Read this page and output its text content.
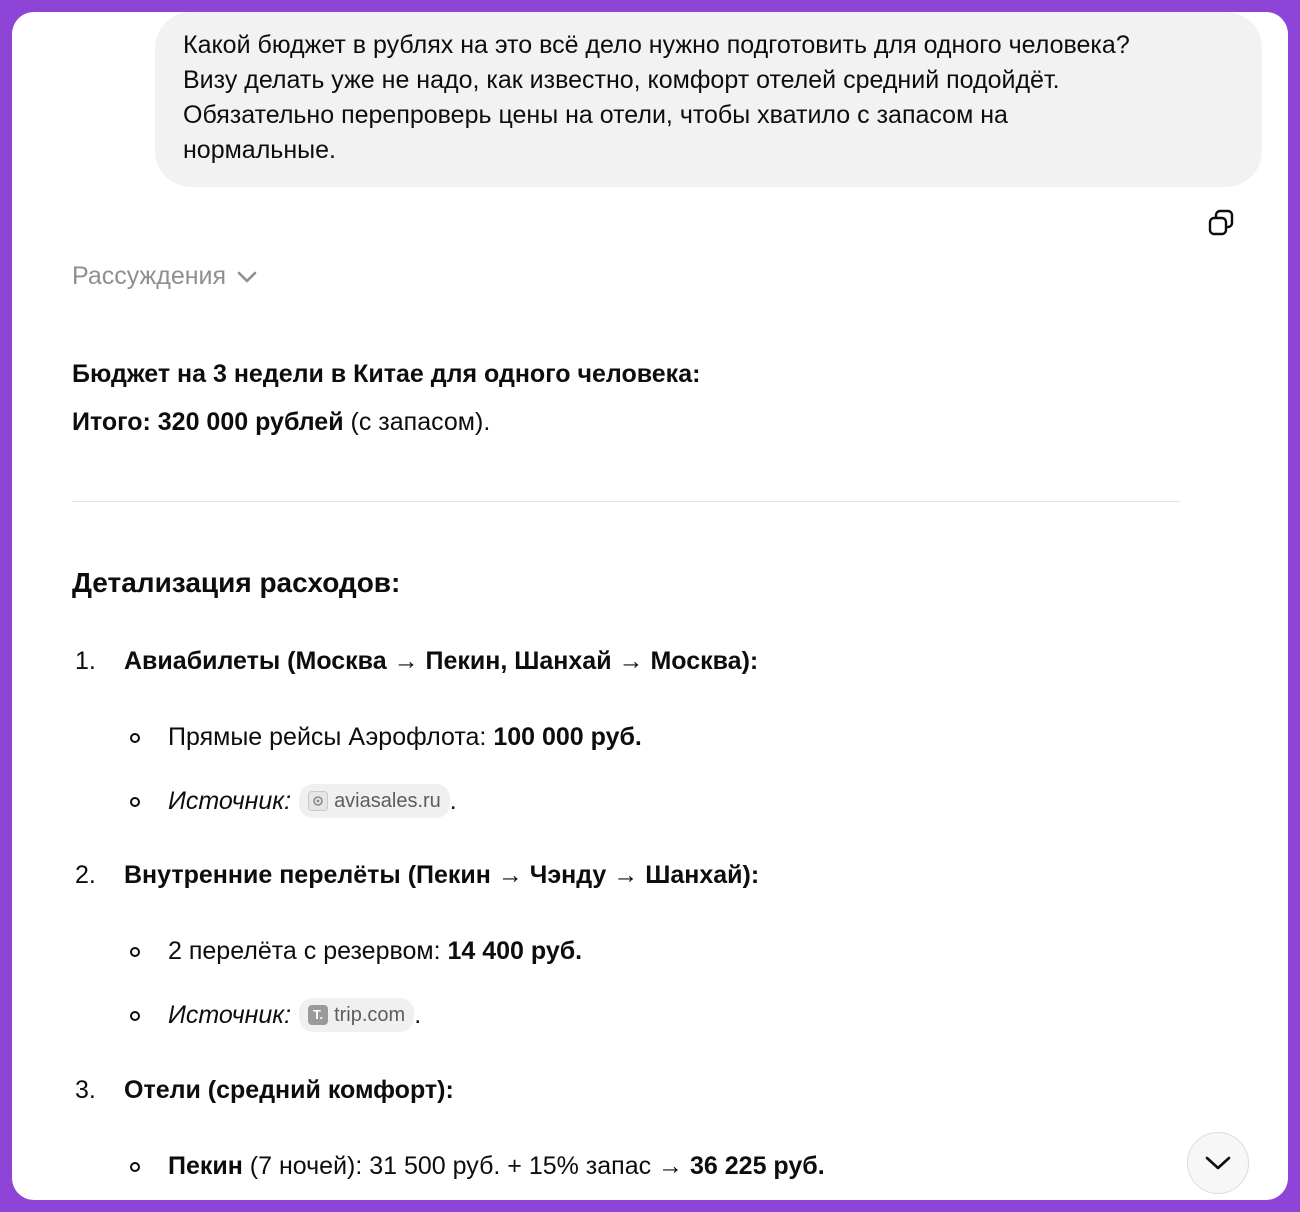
Какой бюджет в рублях на это всё дело нужно подготовить для одного человека?

Визу делать уже не надо, как известно, комфорт отелей средний подойдёт.

Обязательно перепроверь цены на отели, чтобы хватило с запасом на

нормальные.

Рассуждения

Бюджет на 3 недели в Китае для одного человека:

Итого: 320 000 рублей (с запасом).

Детализация расходов:
1.	Авиабилеты (Москва → Пекин, Шанхай → Москва):
Прямые рейсы Аэрофлота:
100 000 руб.
Источник: aviasales.ru .
2.	Внутренние перелёты (Пекин → Чэнду → Шанхай):
2 перелёта с резервом:
14 400 руб.
Источник:	T. trip.com .
3.	Отели (средний комфорт):
Пекин (7 ночей): 31 500 руб. + 15% запас → 36 225 руб.
